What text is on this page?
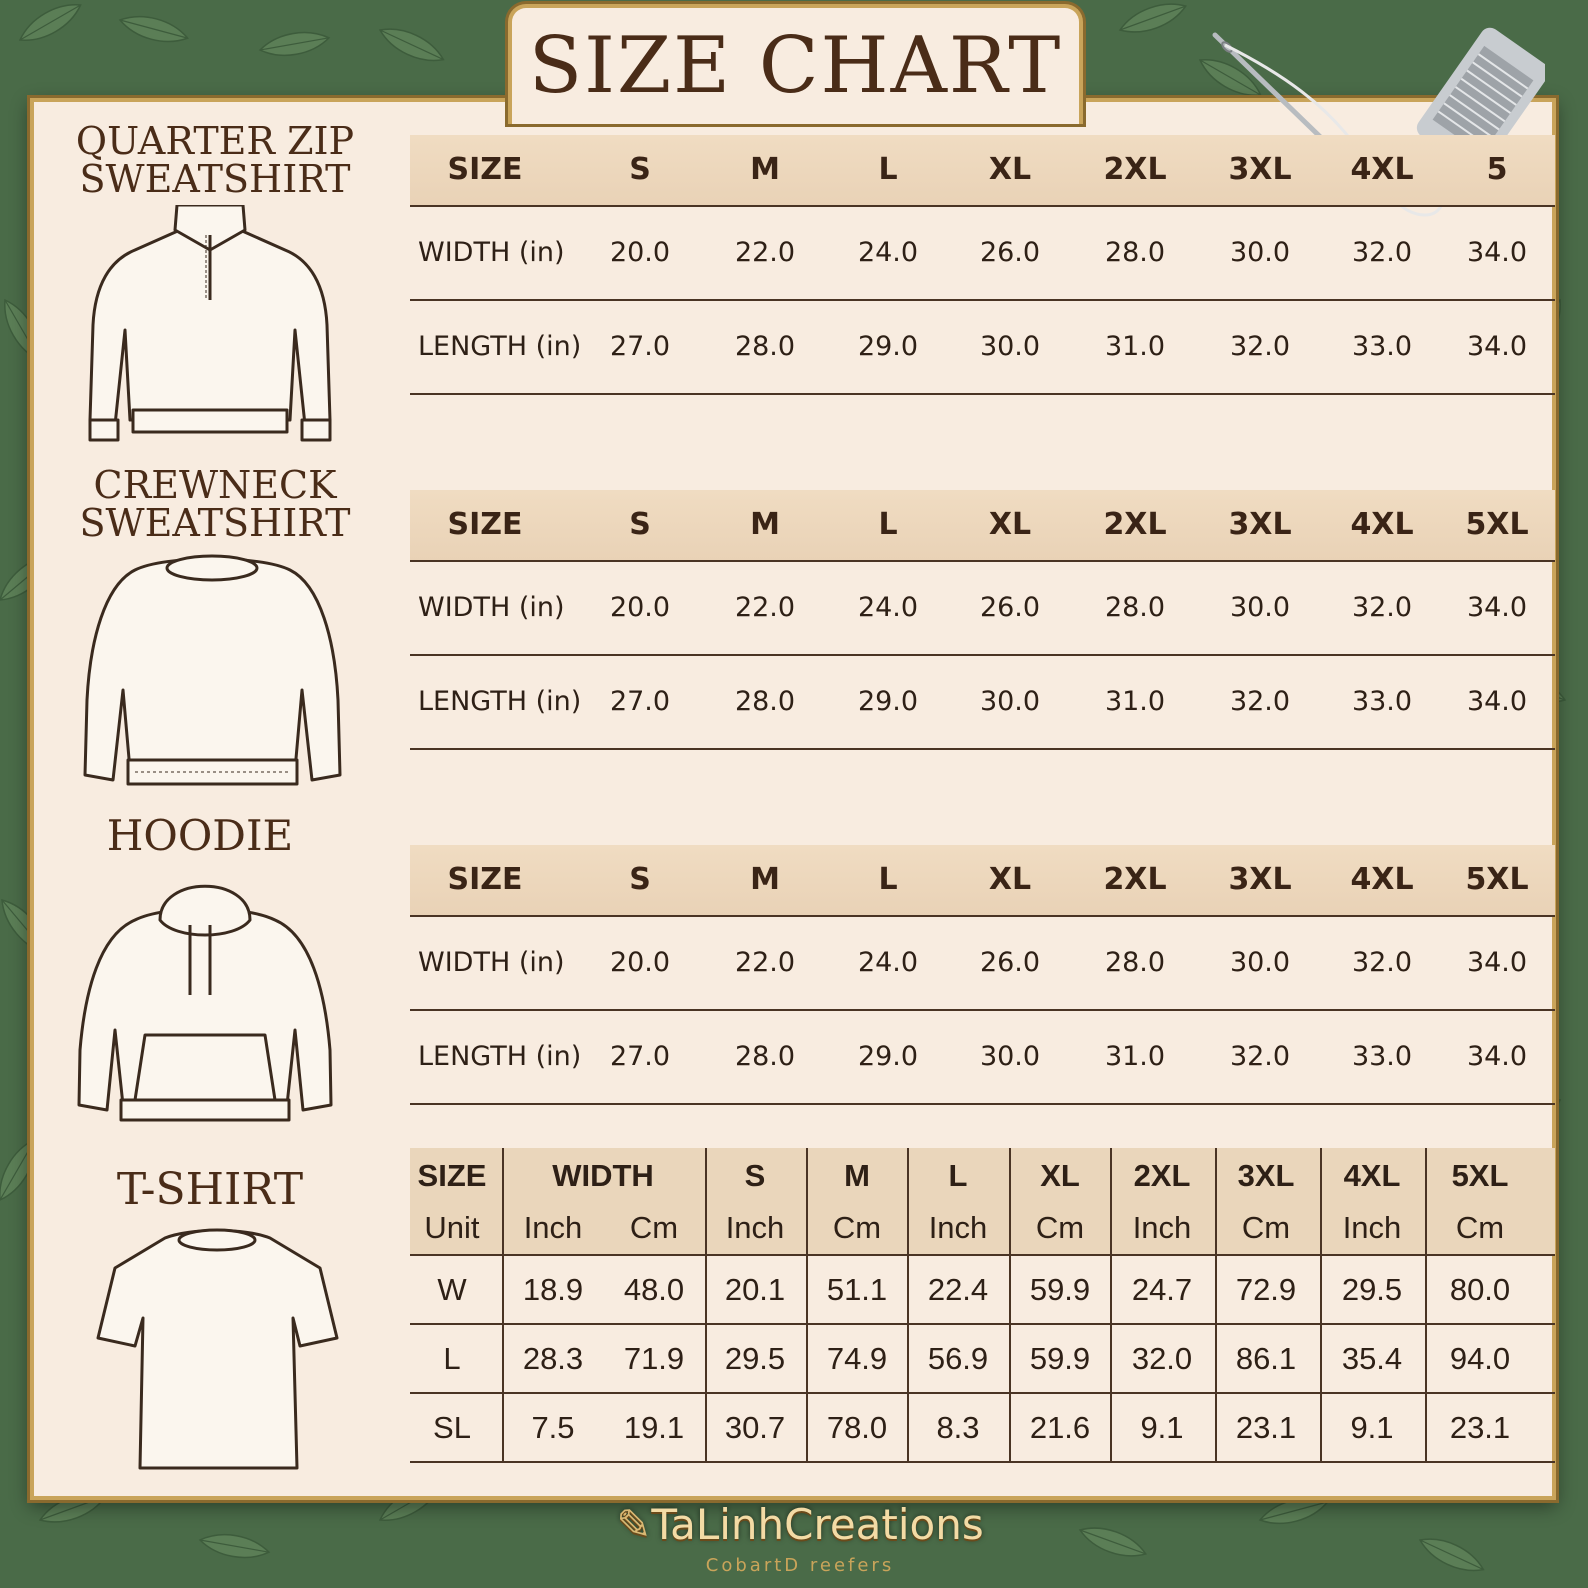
SIZE CHART
QUARTER ZIP
SWEATSHIRT
CREWNECK
SWEATSHIRT
HOODIE
T-SHIRT
SIZE	S	M	L	XL	2XL	3XL	4XL	5
WIDTH (in)	20.0	22.0	24.0	26.0	28.0	30.0	32.0	34.0
LENGTH (in)	27.0	28.0	29.0	30.0	31.0	32.0	33.0	34.0
SIZE	S	M	L	XL	2XL	3XL	4XL	5XL
WIDTH (in)	20.0	22.0	24.0	26.0	28.0	30.0	32.0	34.0
LENGTH (in)	27.0	28.0	29.0	30.0	31.0	32.0	33.0	34.0
SIZE	S	M	L	XL	2XL	3XL	4XL	5XL
WIDTH (in)	20.0	22.0	24.0	26.0	28.0	30.0	32.0	34.0
LENGTH (in)	27.0	28.0	29.0	30.0	31.0	32.0	33.0	34.0
SIZE	WIDTH	S	M	L	XL	2XL	3XL	4XL	5XL
Unit	Inch	Cm	Inch	Cm	Inch	Cm	Inch	Cm	Inch	Cm
W	18.9	48.0	20.1	51.1	22.4	59.9	24.7	72.9	29.5	80.0
L	28.3	71.9	29.5	74.9	56.9	59.9	32.0	86.1	35.4	94.0
SL	7.5	19.1	30.7	78.0	8.3	21.6	9.1	23.1	9.1	23.1
✎TaLinhCreations
CobartD reefers
